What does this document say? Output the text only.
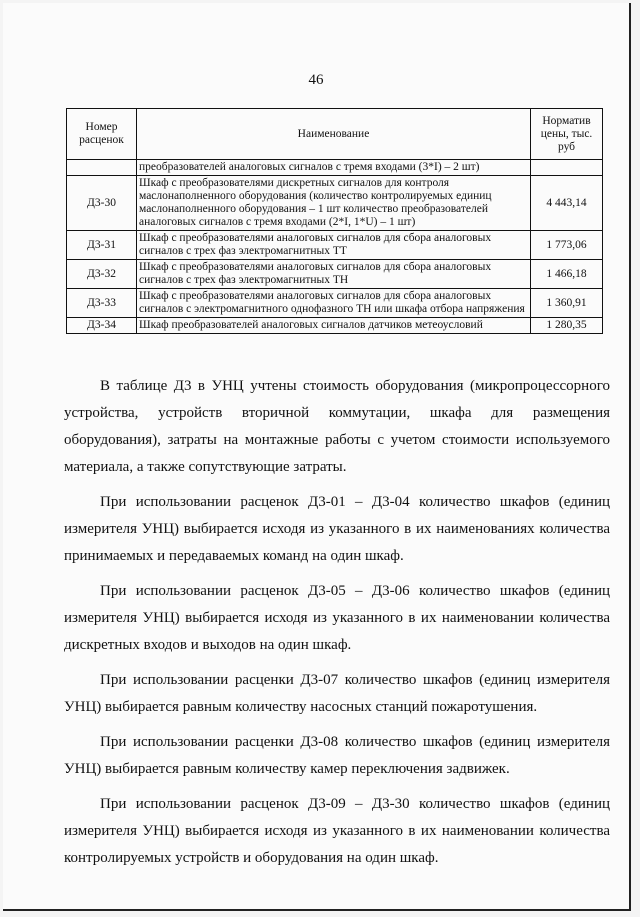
46
Номер расценок	Наименование	Норматив цены, тыс. руб
	преобразователей аналоговых сигналов с тремя входами (3*I) – 2 шт)	
Д3-30	Шкаф с преобразователями дискретных сигналов для контроля маслонаполненного оборудования (количество контролируемых единиц маслонаполненного оборудования – 1 шт количество преобразователей аналоговых сигналов с тремя входами (2*I, 1*U) – 1 шт)	4 443,14
Д3-31	Шкаф с преобразователями аналоговых сигналов для сбора аналоговых сигналов с трех фаз электромагнитных ТТ	1 773,06
Д3-32	Шкаф с преобразователями аналоговых сигналов для сбора аналоговых сигналов с трех фаз электромагнитных ТН	1 466,18
Д3-33	Шкаф с преобразователями аналоговых сигналов для сбора аналоговых сигналов с электромагнитного однофазного ТН или шкафа отбора напряжения	1 360,91
Д3-34	Шкаф преобразователей аналоговых сигналов датчиков метеоусловий	1 280,35

В таблице Д3 в УНЦ учтены стоимость оборудования (микропроцессорного устройства, устройств вторичной коммутации, шкафа для размещения оборудования), затраты на монтажные работы с учетом стоимости используемого материала, а также сопутствующие затраты.

При использовании расценок Д3-01 – Д3-04 количество шкафов (единиц измерителя УНЦ) выбирается исходя из указанного в их наименованиях количества принимаемых и передаваемых команд на один шкаф.

При использовании расценок Д3-05 – Д3-06 количество шкафов (единиц измерителя УНЦ) выбирается исходя из указанного в их наименовании количества дискретных входов и выходов на один шкаф.

При использовании расценки Д3-07 количество шкафов (единиц измерителя УНЦ) выбирается равным количеству насосных станций пожаротушения.

При использовании расценки Д3-08 количество шкафов (единиц измерителя УНЦ) выбирается равным количеству камер переключения задвижек.

При использовании расценок Д3-09 – Д3-30 количество шкафов (единиц измерителя УНЦ) выбирается исходя из указанного в их наименовании количества контролируемых устройств и оборудования на один шкаф.
